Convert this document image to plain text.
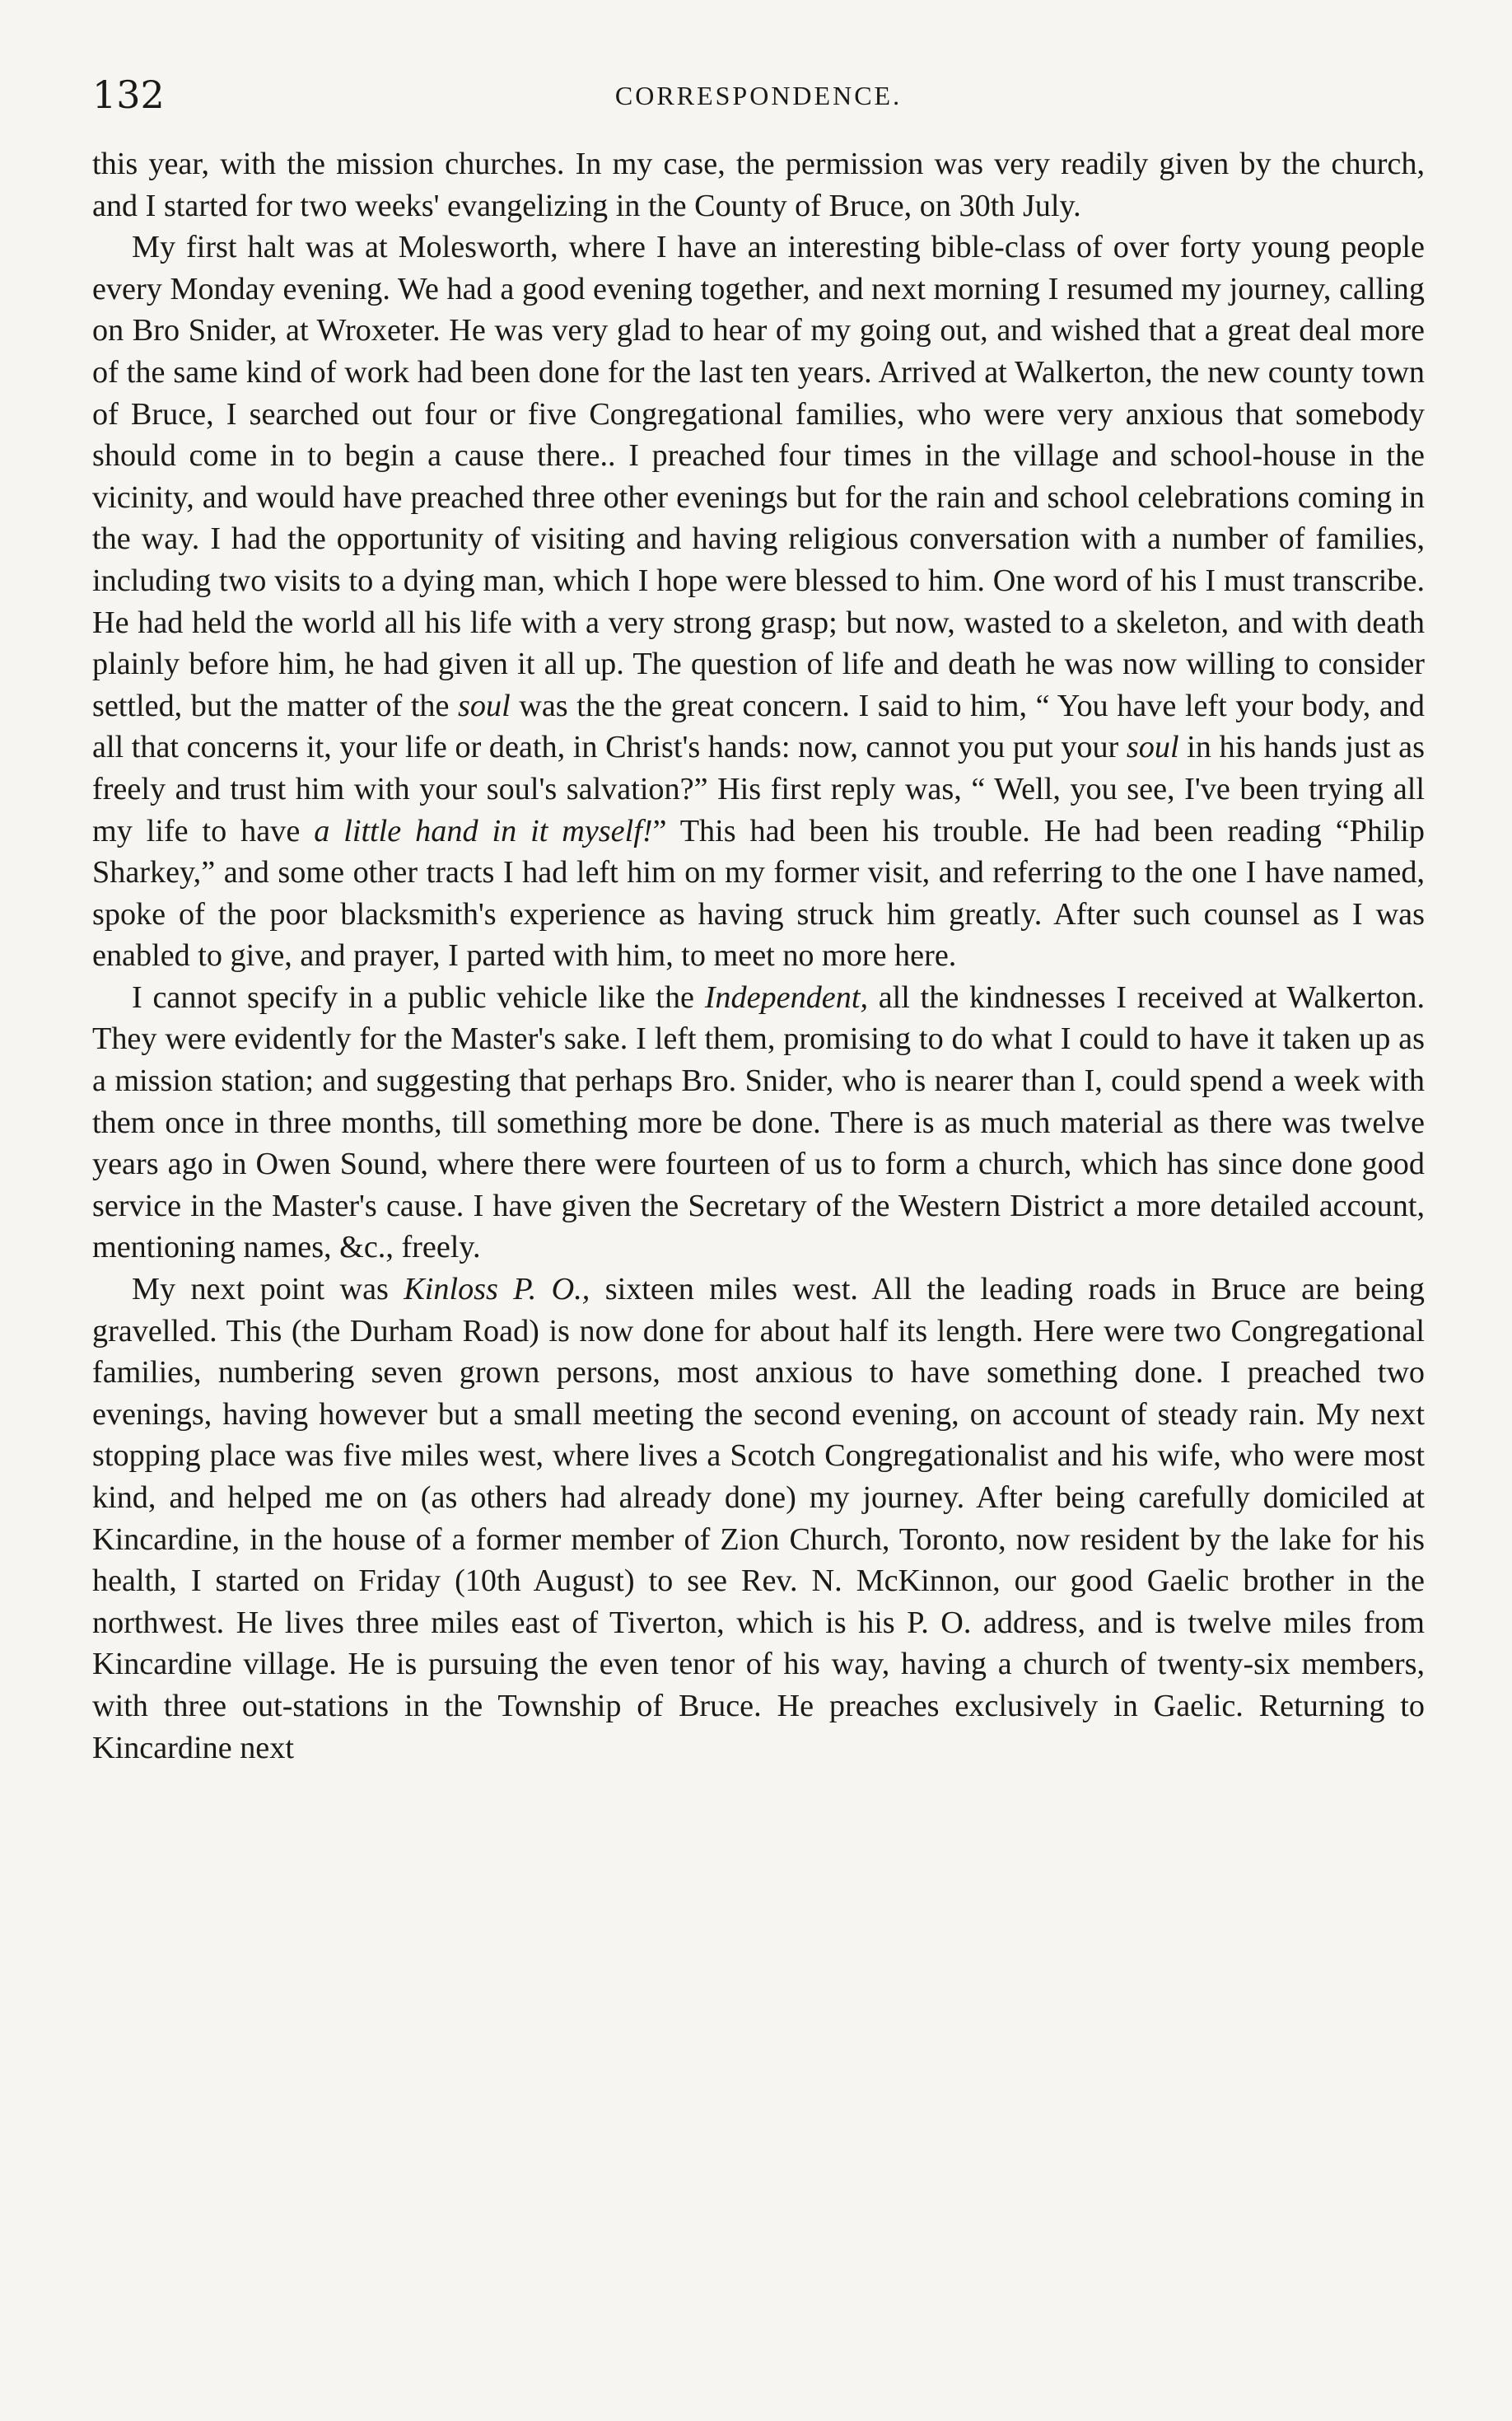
132	CORRESPONDENCE.

this year, with the mission churches. In my case, the permission was very readily given by the church, and I started for two weeks' evangelizing in the County of Bruce, on 30th July.

My first halt was at Molesworth, where I have an interesting bible-class of over forty young people every Monday evening. We had a good evening together, and next morning I resumed my journey, calling on Bro Snider, at Wroxeter. He was very glad to hear of my going out, and wished that a great deal more of the same kind of work had been done for the last ten years. Arrived at Walkerton, the new county town of Bruce, I searched out four or five Congregational families, who were very anxious that somebody should come in to begin a cause there.. I preached four times in the village and school-house in the vicinity, and would have preached three other evenings but for the rain and school celebrations coming in the way. I had the opportunity of visiting and having religious conversation with a number of families, including two visits to a dying man, which I hope were blessed to him. One word of his I must transcribe. He had held the world all his life with a very strong grasp; but now, wasted to a skeleton, and with death plainly before him, he had given it all up. The question of life and death he was now willing to consider settled, but the matter of the soul was the the great concern. I said to him, “ You have left your body, and all that concerns it, your life or death, in Christ's hands: now, cannot you put your soul in his hands just as freely and trust him with your soul's salvation?” His first reply was, “ Well, you see, I've been trying all my life to have a little hand in it myself!” This had been his trouble. He had been reading “Philip Sharkey,” and some other tracts I had left him on my former visit, and referring to the one I have named, spoke of the poor blacksmith's experience as having struck him greatly. After such counsel as I was enabled to give, and prayer, I parted with him, to meet no more here.

I cannot specify in a public vehicle like the Independent, all the kindnesses I received at Walkerton. They were evidently for the Master's sake. I left them, promising to do what I could to have it taken up as a mission station; and suggesting that perhaps Bro. Snider, who is nearer than I, could spend a week with them once in three months, till something more be done. There is as much material as there was twelve years ago in Owen Sound, where there were fourteen of us to form a church, which has since done good service in the Master's cause. I have given the Secretary of the Western District a more detailed account, mentioning names, &c., freely.

My next point was Kinloss P. O., sixteen miles west. All the leading roads in Bruce are being gravelled. This (the Durham Road) is now done for about half its length. Here were two Congregational families, numbering seven grown persons, most anxious to have something done. I preached two evenings, having however but a small meeting the second evening, on account of steady rain. My next stopping place was five miles west, where lives a Scotch Congregationalist and his wife, who were most kind, and helped me on (as others had already done) my journey. After being carefully domiciled at Kincardine, in the house of a former member of Zion Church, Toronto, now resident by the lake for his health, I started on Friday (10th August) to see Rev. N. McKinnon, our good Gaelic brother in the northwest. He lives three miles east of Tiverton, which is his P. O. address, and is twelve miles from Kincardine village. He is pursuing the even tenor of his way, having a church of twenty-six members, with three out-stations in the Township of Bruce. He preaches exclusively in Gaelic. Returning to Kincardine next
